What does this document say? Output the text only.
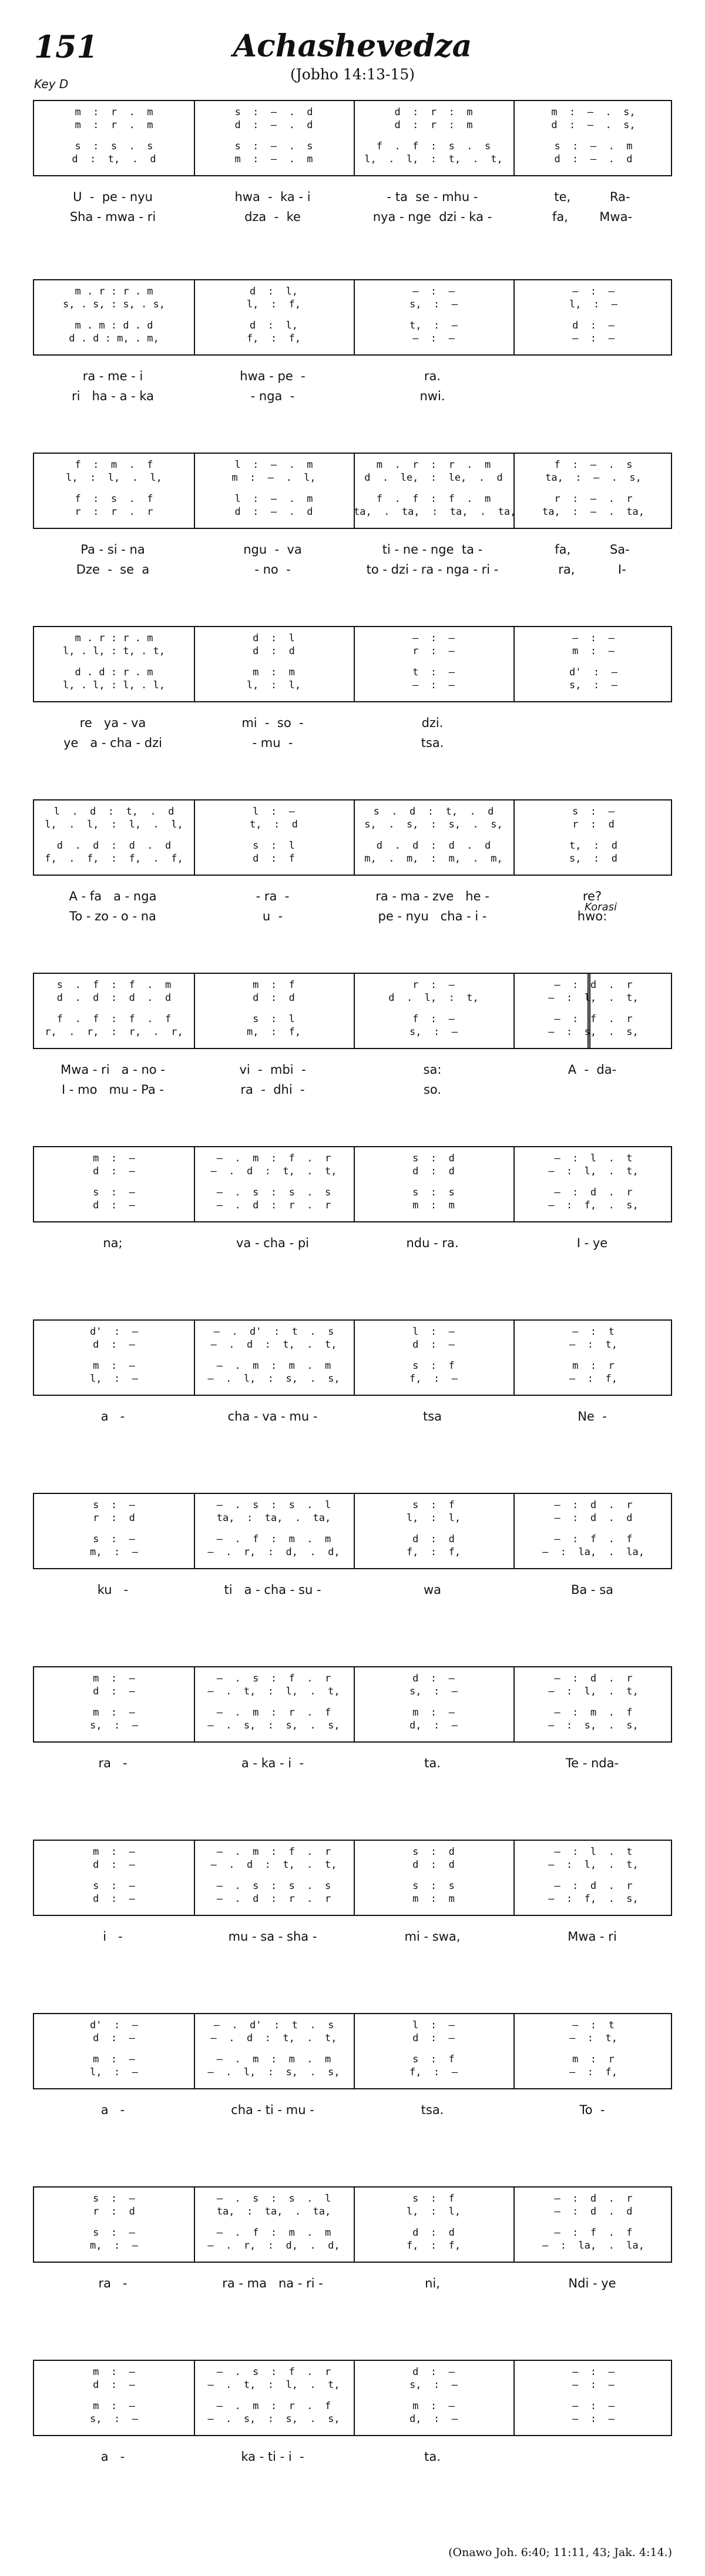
151	Achashevedza
(Jobho 14:13-15)
Key D
Korasi
m  :  r  .  m	s  :  –  .  d	d  :  r  :  m	m  :  –  .  s,
m  :  r  .  m	d  :  –  .  d	d  :  r  :  m	d  :  –  .  s,
s  :  s  .  s	s  :  –  .  s	f  .  f  :  s  .  s	s  :  –  .  m
d  :  t,  .  d	m  :  –  .  m	l,  .  l,  :  t,  .  t,	d  :  –  .  d
U  -  pe - nyu	hwa  -  ka - i	- ta  se - mhu -	te,          Ra-
Sha - mwa - ri	dza  -  ke	nya - nge  dzi - ka -	fa,        Mwa-
m . r : r . m	d  :  l,	—  :  —	—  :  —
s, . s, : s, . s,	l,  :  f,	s,  :  —	l,  :  —
m . m : d . d	d  :  l,	t,  :  —	d  :  —
d . d : m, . m,	f,  :  f,	—  :  —	—  :  —
ra - me - i	hwa - pe  -	ra.
ri   ha - a - ka	- nga  -	nwi.
f  :  m  .  f	l  :  –  .  m	m  .  r  :  r  .  m	f  :  –  .  s
l,  :  l,  .  l,	m  :  –  .  l,	d  .  le,  :  le,  .  d	ta,  :  –  .  s,
f  :  s  .  f	l  :  –  .  m	f  .  f  :  f  .  m	r  :  –  .  r
r  :  r  .  r	d  :  –  .  d	ta,  .  ta,  :  ta,  .  ta,	ta,  :  –  .  ta,
Pa - si - na	ngu  -  va	ti - ne - nge  ta -	fa,          Sa-
Dze  -  se  a	- no  -	to - dzi - ra - nga - ri -	ra,           I-
m . r : r . m	d  :  l	—  :  —	—  :  —
l, . l, : t, . t,	d  :  d	r  :  —	m  :  —
d . d : r . m	m  :  m	t  :  —	d'  :  —
l, . l, : l, . l,	l,  :  l,	—  :  —	s,  :  —
re   ya - va	mi  -  so  -	dzi.
ye   a - cha - dzi	- mu  -	tsa.
l  .  d  :  t,  .  d	l  :  —	s  .  d  :  t,  .  d	s  :  —
l,  .  l,  :  l,  .  l,	t,  :  d	s,  .  s,  :  s,  .  s,	r  :  d
d  .  d  :  d  .  d	s  :  l	d  .  d  :  d  .  d	t,  :  d
f,  .  f,  :  f,  .  f,	d  :  f	m,  .  m,  :  m,  .  m,	s,  :  d
A - fa   a - nga	- ra  -	ra - ma - zve   he -	re?
To - zo - o - na	u  -	pe - nyu   cha - i -	hwo:
s  .  f  :  f  .  m	m  :  f	r  :  —	—  :  d  .  r
d  .  d  :  d  .  d	d  :  d	d  .  l,  :  t,	—  :  l,  .  t,
f  .  f  :  f  .  f	s  :  l	f  :  —	—  :  f  .  r
r,  .  r,  :  r,  .  r,	m,  :  f,	s,  :  —	—  :  s,  .  s,
Mwa - ri   a - no -	vi  -  mbi  -	sa:	A  -  da-
I - mo   mu - Pa -	ra  -  dhi  -	so.
m  :  —	–  .  m  :  f  .  r	s  :  d	—  :  l  .  t
d  :  —	–  .  d  :  t,  .  t,	d  :  d	—  :  l,  .  t,
s  :  —	–  .  s  :  s  .  s	s  :  s	—  :  d  .  r
d  :  —	–  .  d  :  r  .  r	m  :  m	—  :  f,  .  s,
na;	va - cha - pi	ndu - ra.	I - ye
d'  :  —	–  .  d'  :  t  .  s	l  :  —	—  :  t
d  :  —	–  .  d  :  t,  .  t,	d  :  —	—  :  t,
m  :  —	–  .  m  :  m  .  m	s  :  f	m  :  r
l,  :  —	–  .  l,  :  s,  .  s,	f,  :  —	—  :  f,
a   -	cha - va - mu -	tsa	Ne  -
s  :  —	–  .  s  :  s  .  l	s  :  f	—  :  d  .  r
r  :  d	ta,  :  ta,  .  ta,	l,  :  l,	—  :  d  .  d
s  :  —	–  .  f  :  m  .  m	d  :  d	—  :  f  .  f
m,  :  —	–  .  r,  :  d,  .  d,	f,  :  f,	—  :  la,  .  la,
ku   -	ti   a - cha - su -	wa	Ba - sa
m  :  —	–  .  s  :  f  .  r	d  :  —	—  :  d  .  r
d  :  —	–  .  t,  :  l,  .  t,	s,  :  —	—  :  l,  .  t,
m  :  —	–  .  m  :  r  .  f	m  :  —	—  :  m  .  f
s,  :  —	–  .  s,  :  s,  .  s,	d,  :  —	—  :  s,  .  s,
ra   -	a - ka - i  -	ta.	Te - nda-
m  :  —	–  .  m  :  f  .  r	s  :  d	—  :  l  .  t
d  :  —	–  .  d  :  t,  .  t,	d  :  d	—  :  l,  .  t,
s  :  —	–  .  s  :  s  .  s	s  :  s	—  :  d  .  r
d  :  —	–  .  d  :  r  .  r	m  :  m	—  :  f,  .  s,
i   -	mu - sa - sha -	mi - swa,	Mwa - ri
d'  :  —	–  .  d'  :  t  .  s	l  :  —	—  :  t
d  :  —	–  .  d  :  t,  .  t,	d  :  —	—  :  t,
m  :  —	–  .  m  :  m  .  m	s  :  f	m  :  r
l,  :  —	–  .  l,  :  s,  .  s,	f,  :  —	—  :  f,
a   -	cha - ti - mu -	tsa.	To  -
s  :  —	–  .  s  :  s  .  l	s  :  f	—  :  d  .  r
r  :  d	ta,  :  ta,  .  ta,	l,  :  l,	—  :  d  .  d
s  :  —	–  .  f  :  m  .  m	d  :  d	—  :  f  .  f
m,  :  —	–  .  r,  :  d,  .  d,	f,  :  f,	—  :  la,  .  la,
ra   -	ra - ma   na - ri -	ni,	Ndi - ye
m  :  —	–  .  s  :  f  .  r	d  :  —	—  :  —
d  :  —	–  .  t,  :  l,  .  t,	s,  :  —	—  :  —
m  :  —	–  .  m  :  r  .  f	m  :  —	—  :  —
s,  :  —	–  .  s,  :  s,  .  s,	d,  :  —	—  :  —
a   -	ka - ti - i  -	ta.
(Onawo Joh. 6:40; 11:11, 43; Jak. 4:14.)
